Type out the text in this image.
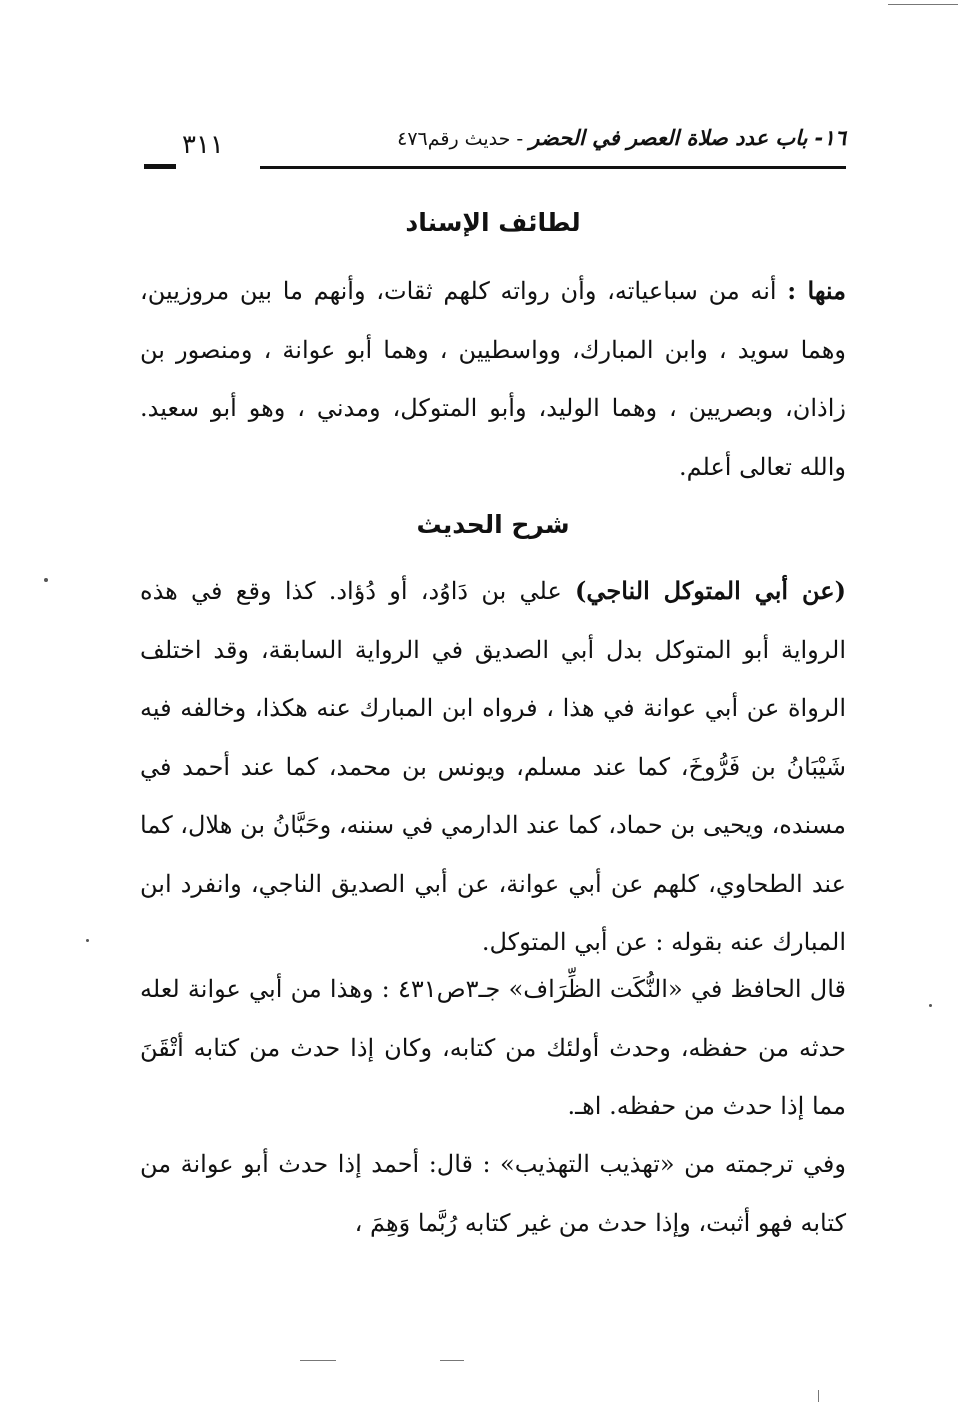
١٦- باب عدد صلاة العصر في الحضر - حديث رقم٤٧٦
٣١١
لطائف الإسناد

منها : أنه من سباعياته، وأن رواته كلهم ثقات، وأنهم ما بين مروزيين، وهما سويد ، وابن المبارك، وواسطيين ، وهما أبو عوانة ، ومنصور بن زاذان، وبصريين ، وهما الوليد، وأبو المتوكل، ومدني ، وهو أبو سعيد. والله تعالى أعلم.

شرح الحديث

(عن أبي المتوكل الناجي) علي بن دَاوُد، أو دُؤاد. كذا وقع في هذه الرواية أبو المتوكل بدل أبي الصديق في الرواية السابقة، وقد اختلف الرواة عن أبي عوانة في هذا ، فرواه ابن المبارك عنه هكذا، وخالفه فيه شَيْبَانُ بن فَرُّوخَ، كما عند مسلم، ويونس بن محمد، كما عند أحمد في مسنده، ويحيى بن حماد، كما عند الدارمي في سننه، وحَبَّانُ بن هلال، كما عند الطحاوي، كلهم عن أبي عوانة، عن أبي الصديق الناجي، وانفرد ابن المبارك عنه بقوله : عن أبي المتوكل.

قال الحافظ في «النُّكَت الظِّرَاف» جـ٣ص٤٣١ : وهذا من أبي عوانة لعله حدثه من حفظه، وحدث أولئك من كتابه، وكان إذا حدث من كتابه أتْقَنَ مما إذا حدث من حفظه. اهـ.

وفي ترجمته من «تهذيب التهذيب» : قال: أحمد إذا حدث أبو عوانة من كتابه فهو أثبت، وإذا حدث من غير كتابه رُبَّما وَهِمَ ،
